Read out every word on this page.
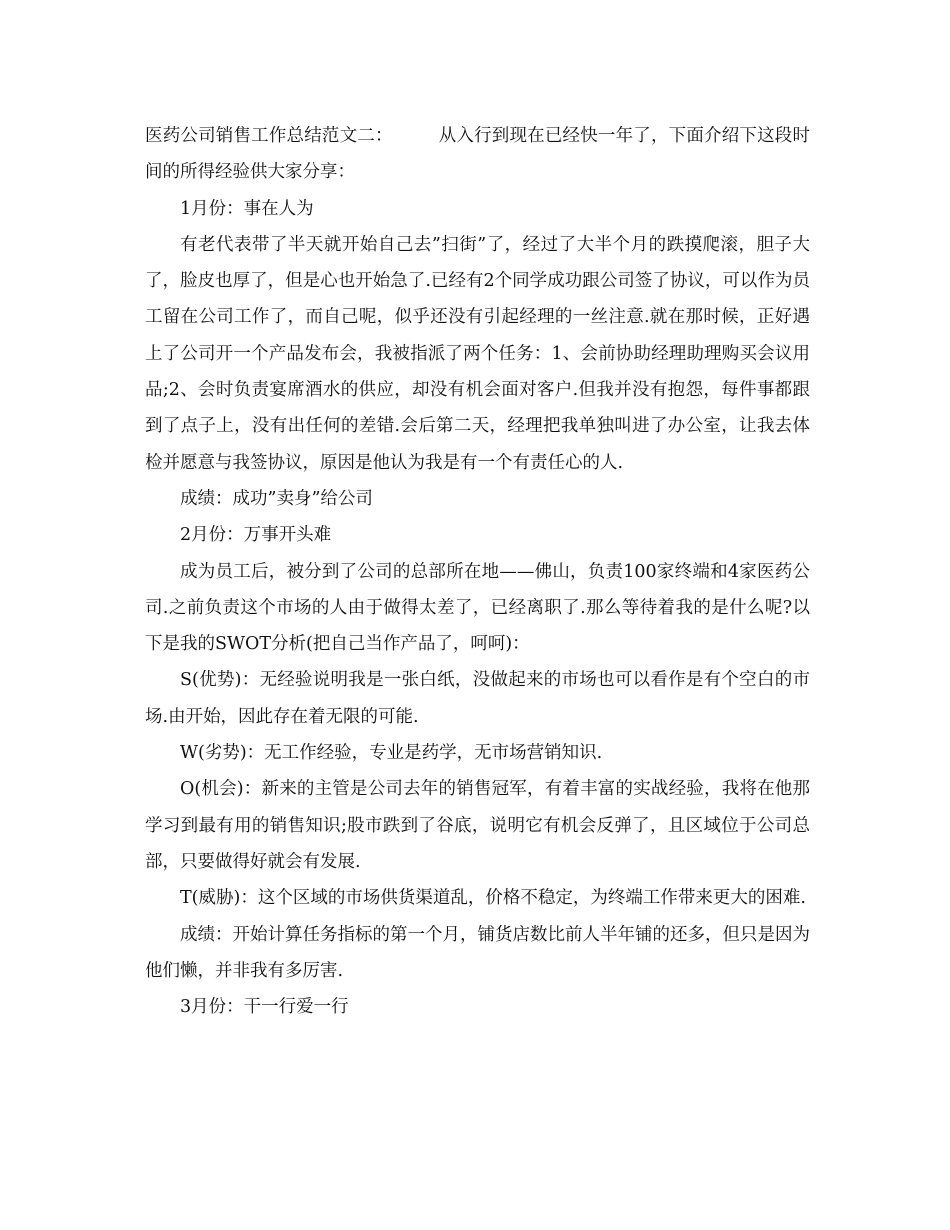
医药公司销售工作总结范文二：        从入行到现在已经快一年了，下面介绍下这段时间的所得经验供大家分享：

1月份：事在人为

有老代表带了半天就开始自己去”扫街”了，经过了大半个月的跌摸爬滚，胆子大了，脸皮也厚了，但是心也开始急了.已经有2个同学成功跟公司签了协议，可以作为员工留在公司工作了，而自己呢，似乎还没有引起经理的一丝注意.就在那时候，正好遇上了公司开一个产品发布会，我被指派了两个任务：1、会前协助经理助理购买会议用品;2、会时负责宴席酒水的供应，却没有机会面对客户.但我并没有抱怨，每件事都跟到了点子上，没有出任何的差错.会后第二天，经理把我单独叫进了办公室，让我去体检并愿意与我签协议，原因是他认为我是有一个有责任心的人.

成绩：成功”卖身”给公司

2月份：万事开头难

成为员工后，被分到了公司的总部所在地——佛山，负责100家终端和4家医药公司.之前负责这个市场的人由于做得太差了，已经离职了.那么等待着我的是什么呢?以下是我的SWOT分析(把自己当作产品了，呵呵)：

S(优势)：无经验说明我是一张白纸，没做起来的市场也可以看作是有个空白的市场.由开始，因此存在着无限的可能.

W(劣势)：无工作经验，专业是药学，无市场营销知识.

O(机会)：新来的主管是公司去年的销售冠军，有着丰富的实战经验，我将在他那学习到最有用的销售知识;股市跌到了谷底，说明它有机会反弹了，且区域位于公司总部，只要做得好就会有发展.

T(威胁)：这个区域的市场供货渠道乱，价格不稳定，为终端工作带来更大的困难.

成绩：开始计算任务指标的第一个月，铺货店数比前人半年铺的还多，但只是因为他们懒，并非我有多厉害.

3月份：干一行爱一行
